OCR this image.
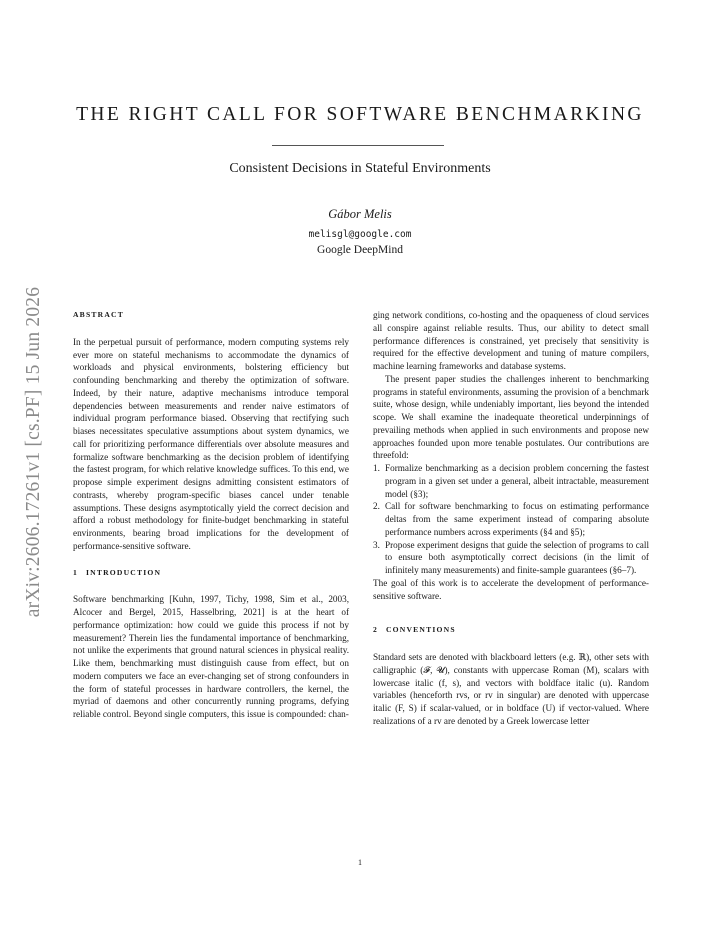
arXiv:2606.17261v1 [cs.PF] 15 Jun 2026
THE RIGHT CALL FOR SOFTWARE BENCHMARKING
Consistent Decisions in Stateful Environments
Gábor Melis
melisgl@google.com
Google DeepMind
ABSTRACT

In the perpetual pursuit of performance, modern computing systems rely ever more on stateful mechanisms to accommodate the dynamics of workloads and physical environments, bolstering efficiency but confounding benchmarking and thereby the optimization of software. Indeed, by their nature, adaptive mechanisms introduce temporal dependencies between measurements and render naive estimators of individual program performance biased. Observing that rectifying such biases necessitates speculative assumptions about system dynamics, we call for prioritizing performance differentials over absolute measures and formalize software benchmarking as the decision problem of identifying the fastest program, for which relative knowledge suffices. To this end, we propose simple experiment designs admitting consistent estimators of contrasts, whereby program-specific biases cancel under tenable assumptions. These designs asymptotically yield the correct decision and afford a robust methodology for finite-budget benchmarking in stateful environments, bearing broad implications for the development of performance-sensitive software.

1 INTRODUCTION

Software benchmarking [Kuhn, 1997, Tichy, 1998, Sim et al., 2003, Alcocer and Bergel, 2015, Hasselbring, 2021] is at the heart of performance optimization: how could we guide this process if not by measurement? Therein lies the fundamental importance of benchmarking, not unlike the experiments that ground natural sciences in physical reality. Like them, benchmarking must distinguish cause from effect, but on modern computers we face an ever-changing set of strong confounders in the form of stateful processes in hardware controllers, the kernel, the myriad of daemons and other concurrently running programs, defying reliable control. Beyond single computers, this issue is compounded: chan-

ging network conditions, co-hosting and the opaqueness of cloud services all conspire against reliable results. Thus, our ability to detect small performance differences is constrained, yet precisely that sensitivity is required for the effective development and tuning of mature compilers, machine learning frameworks and database systems.

The present paper studies the challenges inherent to benchmarking programs in stateful environments, assuming the provision of a benchmark suite, whose design, while undeniably important, lies beyond the intended scope. We shall examine the inadequate theoretical underpinnings of prevailing methods when applied in such environments and propose new approaches founded upon more tenable postulates. Our contributions are threefold:

1. Formalize benchmarking as a decision problem concerning the fastest program in a given set under a general, albeit intractable, measurement model (§3);
2. Call for software benchmarking to focus on estimating performance deltas from the same experiment instead of comparing absolute performance numbers across experiments (§4 and §5);
3. Propose experiment designs that guide the selection of programs to call to ensure both asymptotically correct decisions (in the limit of infinitely many measurements) and finite-sample guarantees (§6–7).

The goal of this work is to accelerate the development of performance-sensitive software.

2 CONVENTIONS

Standard sets are denoted with blackboard letters (e.g. ℝ), other sets with calligraphic (𝓕, 𝓤), constants with uppercase Roman (M), scalars with lowercase italic (f, s), and vectors with boldface italic (u). Random variables (henceforth rvs, or rv in singular) are denoted with uppercase italic (F, S) if scalar-valued, or in boldface (U) if vector-valued. Where realizations of a rv are denoted by a Greek lowercase letter

1
